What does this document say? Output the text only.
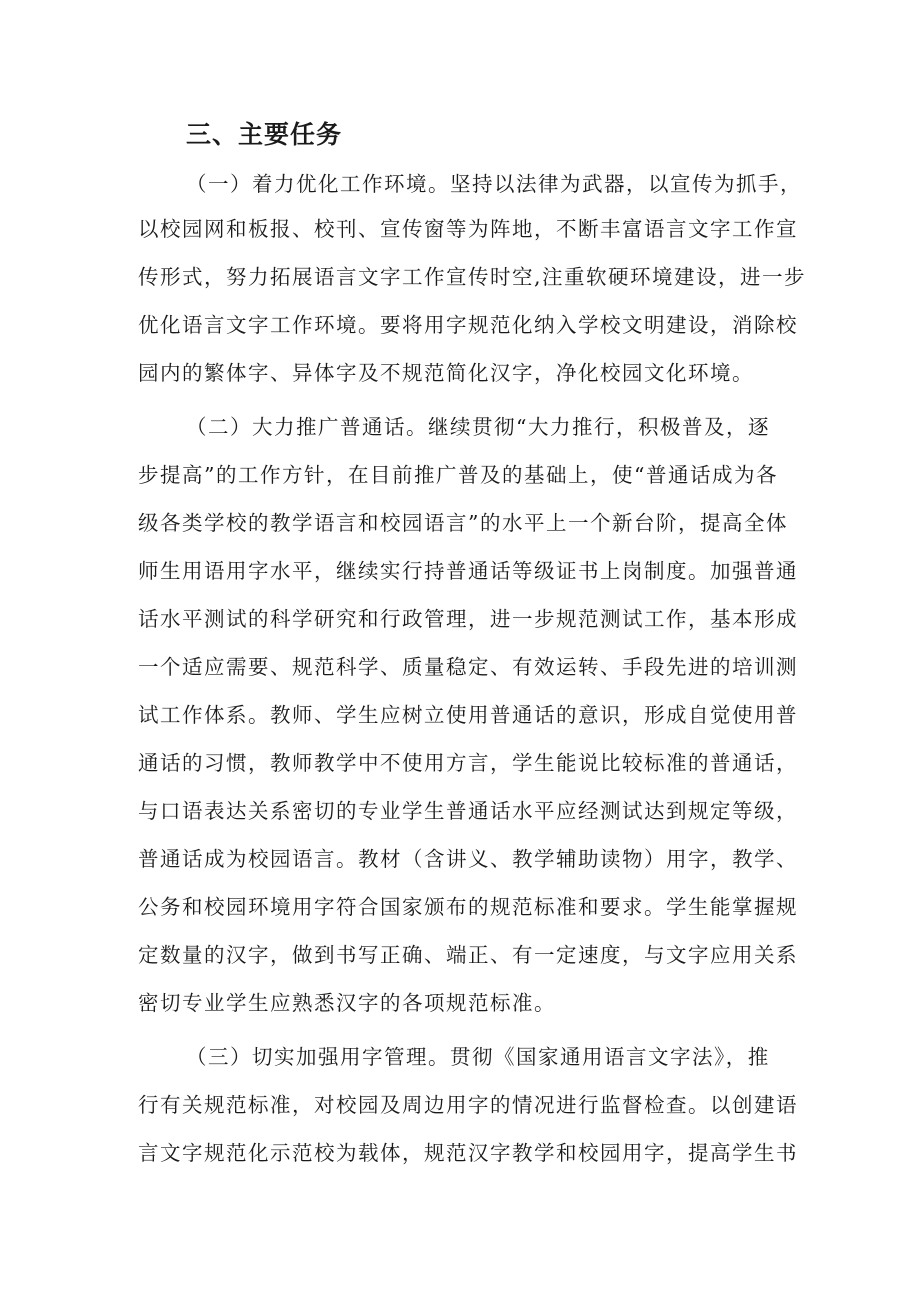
三、主要任务
（一）着力优化工作环境。坚持以法律为武器，以宣传为抓手，
以校园网和板报、校刊、宣传窗等为阵地，不断丰富语言文字工作宣
传形式，努力拓展语言文字工作宣传时空,注重软硬环境建设，进一步
优化语言文字工作环境。要将用字规范化纳入学校文明建设，消除校
园内的繁体字、异体字及不规范简化汉字，净化校园文化环境。
（二）大力推广普通话。继续贯彻“大力推行，积极普及，逐
步提高”的工作方针，在目前推广普及的基础上，使“普通话成为各
级各类学校的教学语言和校园语言”的水平上一个新台阶，提高全体
师生用语用字水平，继续实行持普通话等级证书上岗制度。加强普通
话水平测试的科学研究和行政管理，进一步规范测试工作，基本形成
一个适应需要、规范科学、质量稳定、有效运转、手段先进的培训测
试工作体系。教师、学生应树立使用普通话的意识，形成自觉使用普
通话的习惯，教师教学中不使用方言，学生能说比较标准的普通话，
与口语表达关系密切的专业学生普通话水平应经测试达到规定等级，
普通话成为校园语言。教材（含讲义、教学辅助读物）用字，教学、
公务和校园环境用字符合国家颁布的规范标准和要求。学生能掌握规
定数量的汉字，做到书写正确、端正、有一定速度，与文字应用关系
密切专业学生应熟悉汉字的各项规范标准。
（三）切实加强用字管理。贯彻《国家通用语言文字法》，推
行有关规范标准，对校园及周边用字的情况进行监督检查。以创建语
言文字规范化示范校为载体，规范汉字教学和校园用字，提高学生书
